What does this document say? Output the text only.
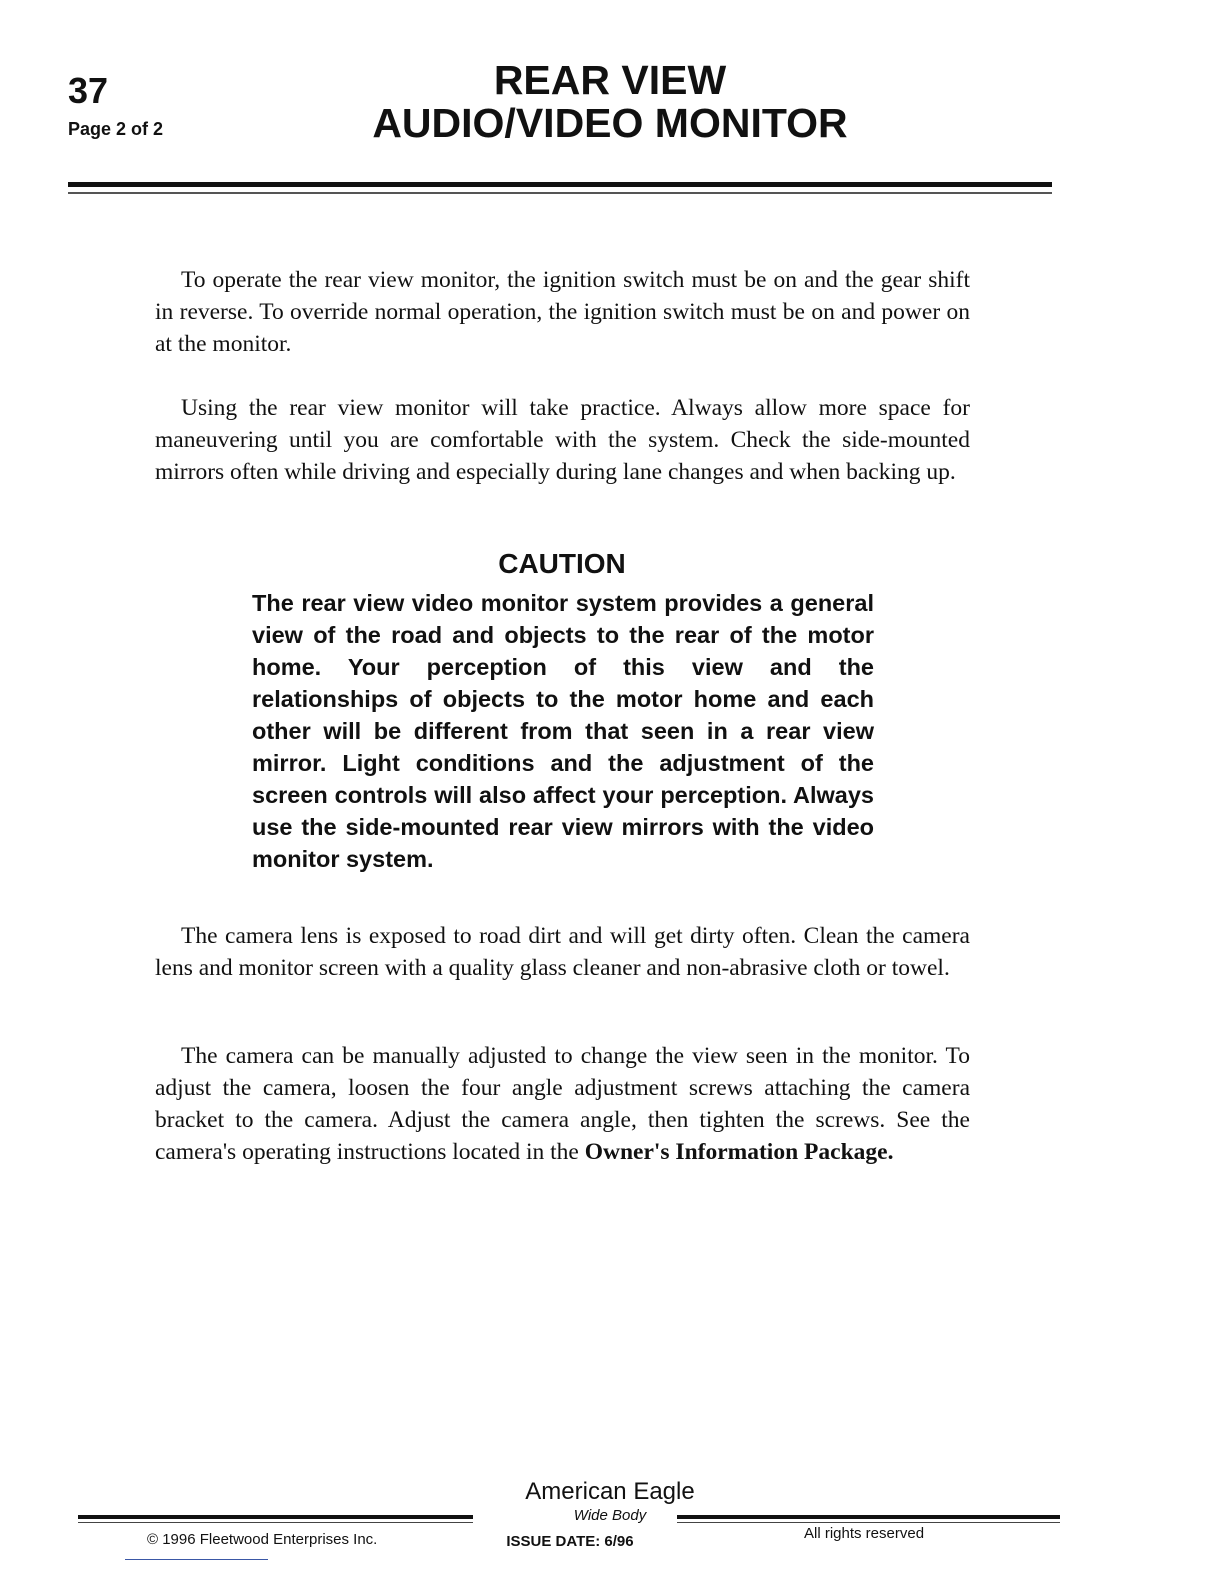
37
Page 2 of 2
REAR VIEW
AUDIO/VIDEO MONITOR

To operate the rear view monitor, the ignition switch must be on and the gear shift in reverse. To override normal operation, the ignition switch must be on and power on at the monitor.

Using the rear view monitor will take practice. Always allow more space for maneuvering until you are comfortable with the system. Check the side-mounted mirrors often while driving and especially during lane changes and when backing up.

CAUTION
The rear view video monitor system provides a general view of the road and objects to the rear of the motor home. Your perception of this view and the relationships of objects to the motor home and each other will be different from that seen in a rear view mirror. Light conditions and the adjustment of the screen controls will also affect your perception. Always use the side-mounted rear view mirrors with the video monitor system.

The camera lens is exposed to road dirt and will get dirty often. Clean the camera lens and monitor screen with a quality glass cleaner and non-abrasive cloth or towel.

The camera can be manually adjusted to change the view seen in the monitor. To adjust the camera, loosen the four angle adjustment screws attaching the camera bracket to the camera. Adjust the camera angle, then tighten the screws. See the camera's operating instructions located in the Owner's Information Package.

American Eagle
Wide Body
ISSUE DATE: 6/96
© 1996 Fleetwood Enterprises Inc.	All rights reserved
